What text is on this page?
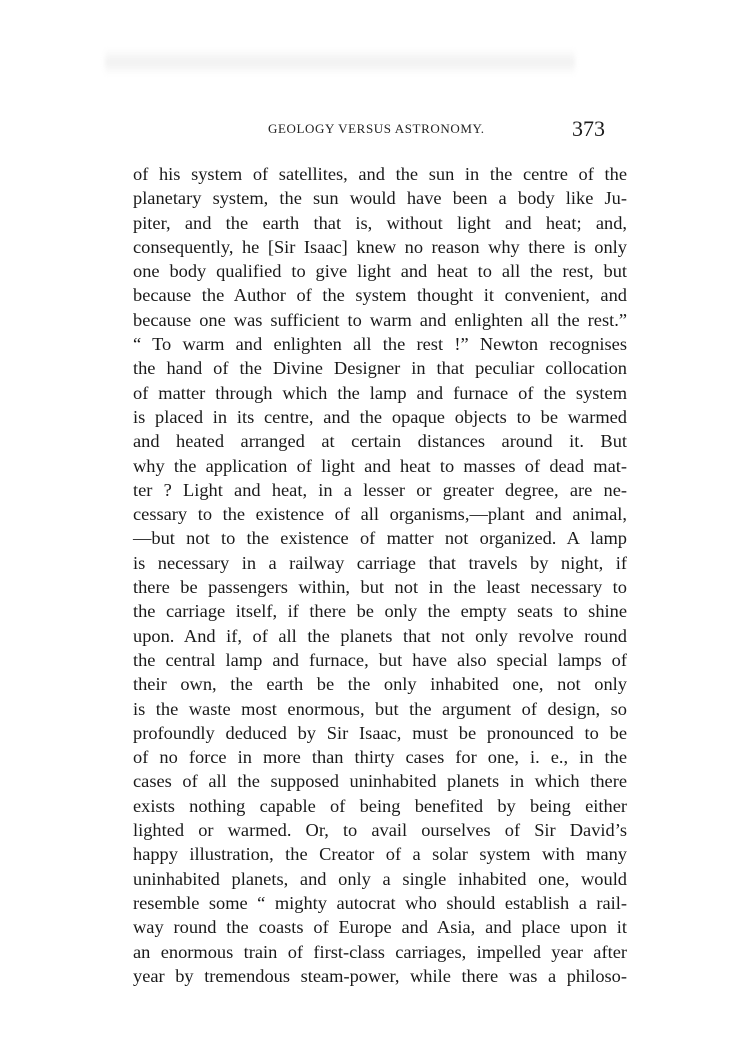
GEOLOGY VERSUS ASTRONOMY.	373
of his system of satellites, and the sun in the centre of the
planetary system, the sun would have been a body like Ju-
piter, and the earth that is, without light and heat; and,
consequently, he [Sir Isaac] knew no reason why there is only
one body qualified to give light and heat to all the rest, but
because the Author of the system thought it convenient, and
because one was sufficient to warm and enlighten all the rest.”
“ To warm and enlighten all the rest !” Newton recognises
the hand of the Divine Designer in that peculiar collocation
of matter through which the lamp and furnace of the system
is placed in its centre, and the opaque objects to be warmed
and heated arranged at certain distances around it. But
why the application of light and heat to masses of dead mat-
ter ? Light and heat, in a lesser or greater degree, are ne-
cessary to the existence of all organisms,—plant and animal,
—but not to the existence of matter not organized. A lamp
is necessary in a railway carriage that travels by night, if
there be passengers within, but not in the least necessary to
the carriage itself, if there be only the empty seats to shine
upon. And if, of all the planets that not only revolve round
the central lamp and furnace, but have also special lamps of
their own, the earth be the only inhabited one, not only
is the waste most enormous, but the argument of design, so
profoundly deduced by Sir Isaac, must be pronounced to be
of no force in more than thirty cases for one, i. e., in the
cases of all the supposed uninhabited planets in which there
exists nothing capable of being benefited by being either
lighted or warmed. Or, to avail ourselves of Sir David’s
happy illustration, the Creator of a solar system with many
uninhabited planets, and only a single inhabited one, would
resemble some “ mighty autocrat who should establish a rail-
way round the coasts of Europe and Asia, and place upon it
an enormous train of first-class carriages, impelled year after
year by tremendous steam-power, while there was a philoso-
